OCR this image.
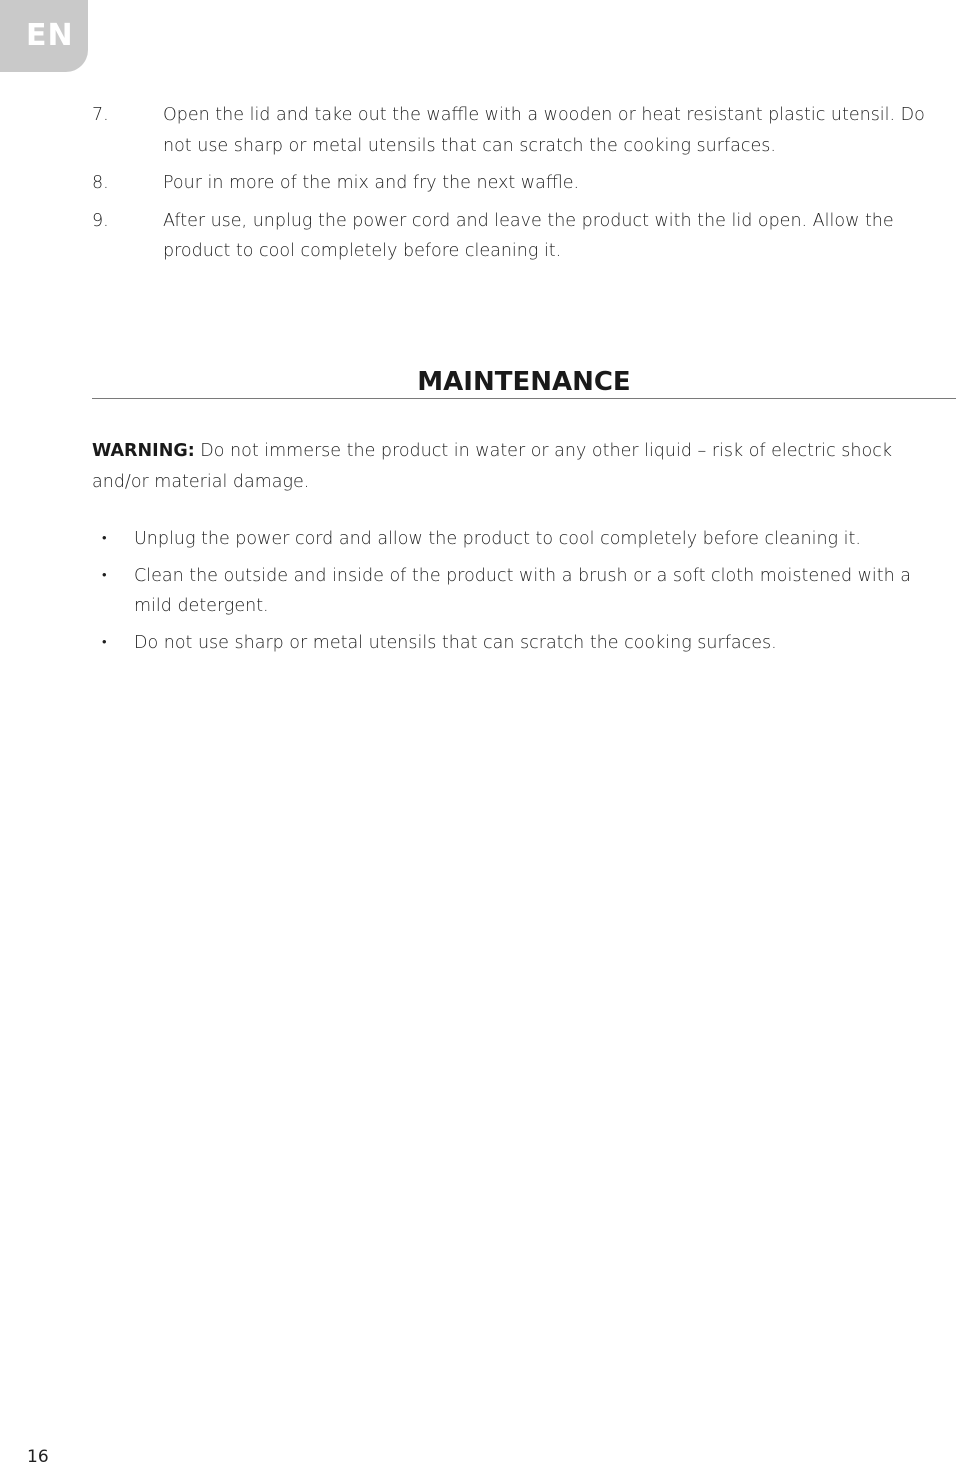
EN
7.	Open the lid and take out the waffle with a wooden or heat resistant plastic utensil. Do not use sharp or metal utensils that can scratch the cooking surfaces.
8.	Pour in more of the mix and fry the next waffle.
9.	After use, unplug the power cord and leave the product with the lid open. Allow the product to cool completely before cleaning it.
MAINTENANCE
WARNING: Do not immerse the product in water or any other liquid – risk of electric shock and/or material damage.
•	Unplug the power cord and allow the product to cool completely before cleaning it.
•	Clean the outside and inside of the product with a brush or a soft cloth moistened with a mild detergent.
•	Do not use sharp or metal utensils that can scratch the cooking surfaces.
16
